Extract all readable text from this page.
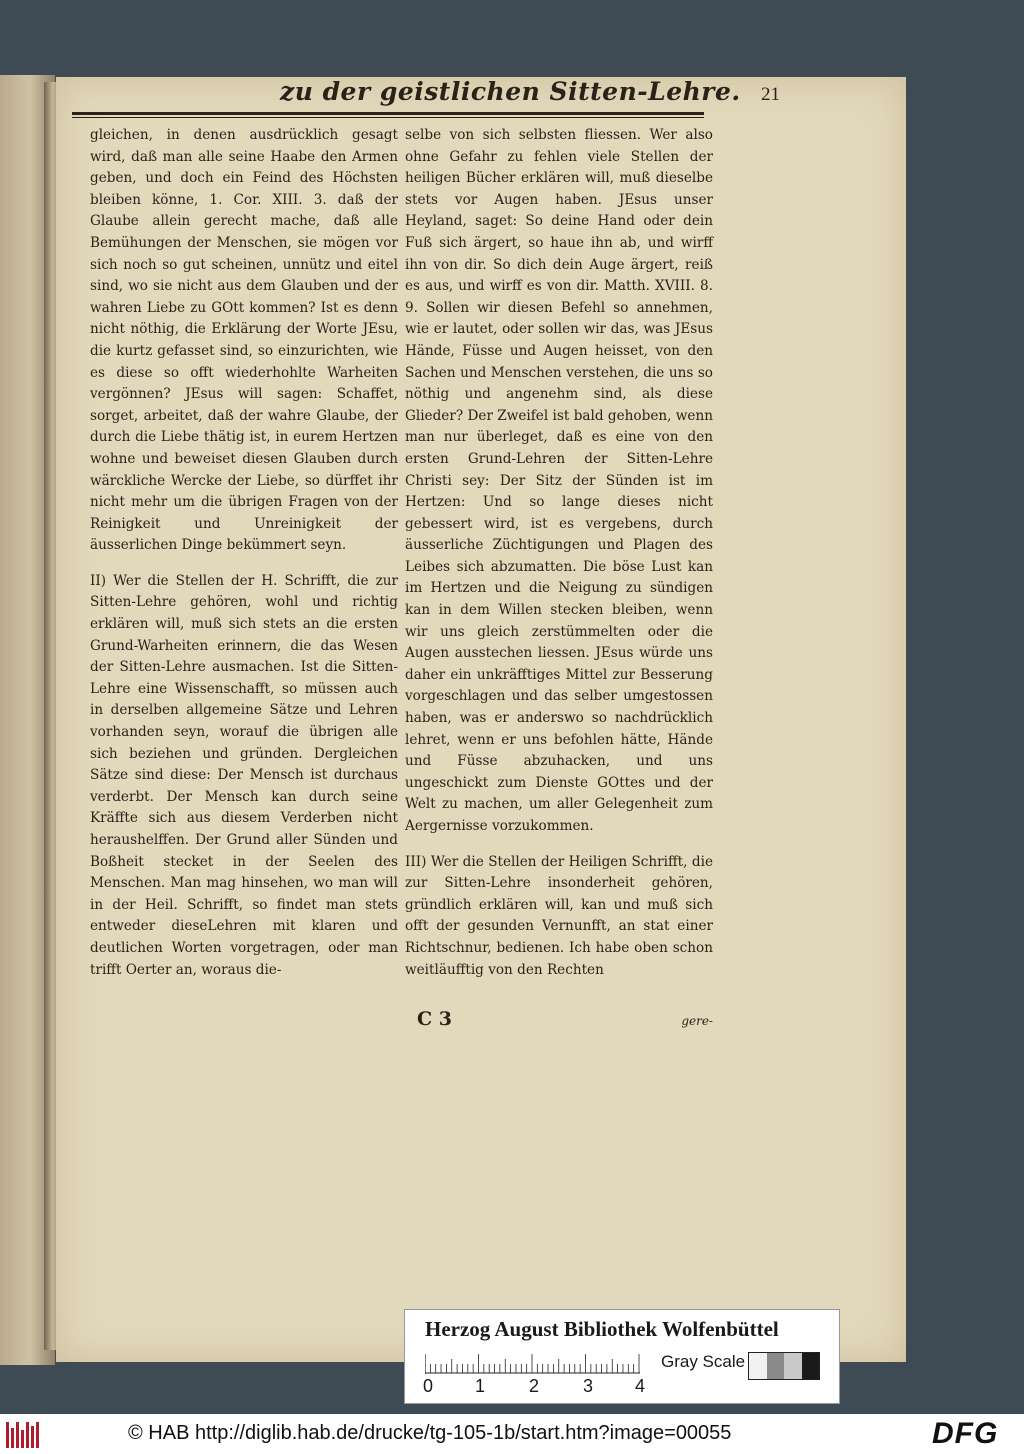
zu der geistlichen Sitten-Lehre. 21

gleichen, in denen ausdrücklich gesagt wird, daß man alle seine Haabe den Armen geben, und doch ein Feind des Höchsten bleiben könne, 1. Cor. XIII. 3. daß der Glaube allein gerecht mache, daß alle Bemühungen der Menschen, sie mögen vor sich noch so gut scheinen, unnütz und eitel sind, wo sie nicht aus dem Glauben und der wahren Liebe zu GOtt kommen? Ist es denn nicht nöthig, die Erklärung der Worte JEsu, die kurtz gefasset sind, so einzurichten, wie es diese so offt wiederhohlte Warheiten vergönnen? JEsus will sagen: Schaffet, sorget, arbeitet, daß der wahre Glaube, der durch die Liebe thätig ist, in eurem Hertzen wohne und beweiset diesen Glauben durch wärckliche Wercke der Liebe, so dürffet ihr nicht mehr um die übrigen Fragen von der Reinigkeit und Unreinigkeit der äusserlichen Dinge bekümmert seyn.

II) Wer die Stellen der H. Schrifft, die zur Sitten-Lehre gehören, wohl und richtig erklären will, muß sich stets an die ersten Grund-Warheiten erinnern, die das Wesen der Sitten-Lehre ausmachen. Ist die Sitten-Lehre eine Wissenschafft, so müssen auch in derselben allgemeine Sätze und Lehren vorhanden seyn, worauf die übrigen alle sich beziehen und gründen. Dergleichen Sätze sind diese: Der Mensch ist durchaus verderbt. Der Mensch kan durch seine Kräffte sich aus diesem Verderben nicht heraushelffen. Der Grund aller Sünden und Boßheit stecket in der Seelen des Menschen. Man mag hinsehen, wo man will in der Heil. Schrifft, so findet man stets entweder dieseLehren mit klaren und deutlichen Worten vorgetragen, oder man trifft Oerter an, woraus die-

selbe von sich selbsten fliessen. Wer also ohne Gefahr zu fehlen viele Stellen der heiligen Bücher erklären will, muß dieselbe stets vor Augen haben. JEsus unser Heyland, saget: So deine Hand oder dein Fuß sich ärgert, so haue ihn ab, und wirff ihn von dir. So dich dein Auge ärgert, reiß es aus, und wirff es von dir. Matth. XVIII. 8. 9. Sollen wir diesen Befehl so annehmen, wie er lautet, oder sollen wir das, was JEsus Hände, Füsse und Augen heisset, von den Sachen und Menschen verstehen, die uns so nöthig und angenehm sind, als diese Glieder? Der Zweifel ist bald gehoben, wenn man nur überleget, daß es eine von den ersten Grund-Lehren der Sitten-Lehre Christi sey: Der Sitz der Sünden ist im Hertzen: Und so lange dieses nicht gebessert wird, ist es vergebens, durch äusserliche Züchtigungen und Plagen des Leibes sich abzumatten. Die böse Lust kan im Hertzen und die Neigung zu sündigen kan in dem Willen stecken bleiben, wenn wir uns gleich zerstümmelten oder die Augen ausstechen liessen. JEsus würde uns daher ein unkräfftiges Mittel zur Besserung vorgeschlagen und das selber umgestossen haben, was er anderswo so nachdrücklich lehret, wenn er uns befohlen hätte, Hände und Füsse abzuhacken, und uns ungeschickt zum Dienste GOttes und der Welt zu machen, um aller Gelegenheit zum Aergernisse vorzukommen.

III) Wer die Stellen der Heiligen Schrifft, die zur Sitten-Lehre insonderheit gehören, gründlich erklären will, kan und muß sich offt der gesunden Vernunfft, an stat einer Richtschnur, bedienen. Ich habe oben schon weitläufftig von den Rechten

C 3	gere-
Herzog August Bibliothek Wolfenbüttel
0 1 2 3 4
Gray Scale
© HAB http://diglib.hab.de/drucke/tg-105-1b/start.htm?image=00055	DFG
